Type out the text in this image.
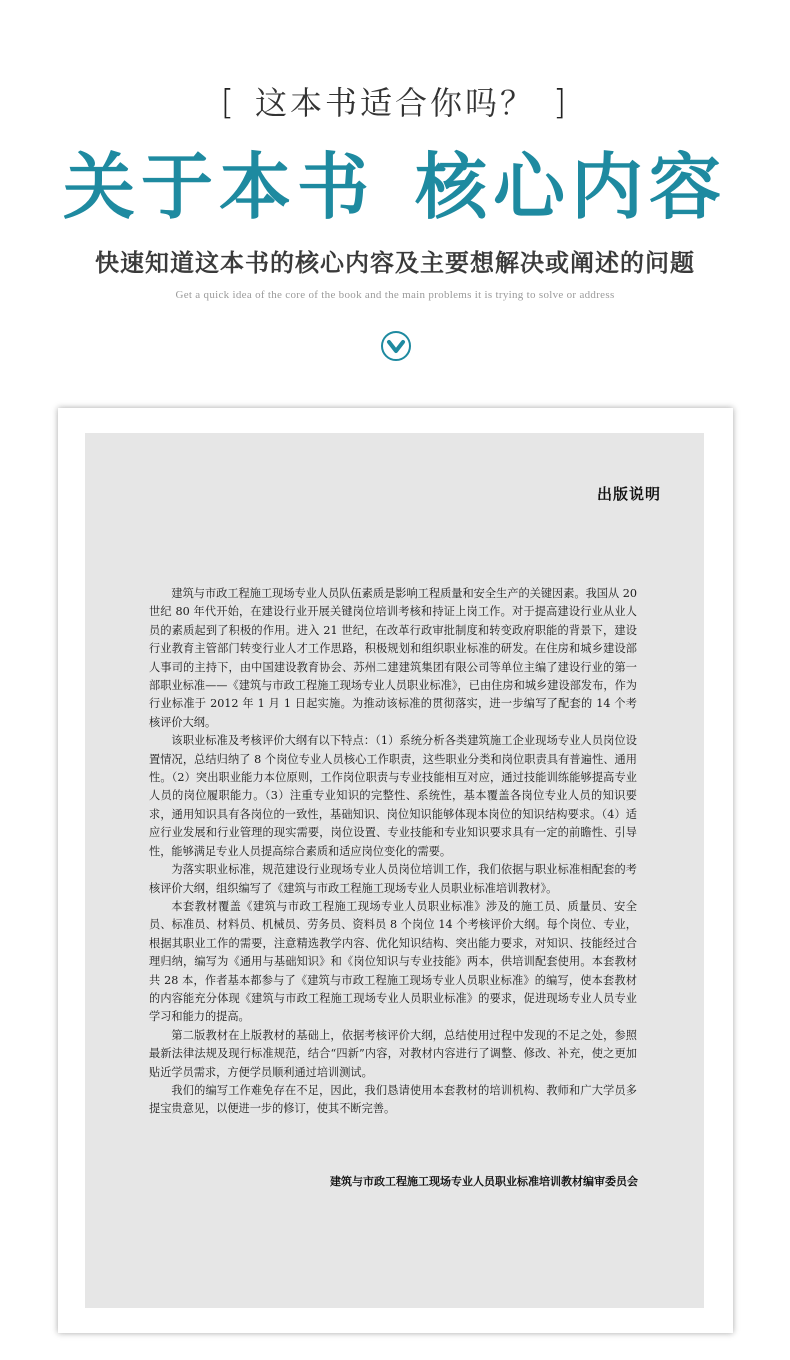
[ 这本书适合你吗？ ]
关于本书 核心内容
快速知道这本书的核心内容及主要想解决或阐述的问题
Get a quick idea of the core of the book and the main problems it is trying to solve or address
出版说明

建筑与市政工程施工现场专业人员队伍素质是影响工程质量和安全生产的关键因素。我国从 20 世纪 80 年代开始，在建设行业开展关键岗位培训考核和持证上岗工作。对于提高建设行业从业人员的素质起到了积极的作用。进入 21 世纪，在改革行政审批制度和转变政府职能的背景下，建设行业教育主管部门转变行业人才工作思路，积极规划和组织职业标准的研发。在住房和城乡建设部人事司的主持下，由中国建设教育协会、苏州二建建筑集团有限公司等单位主编了建设行业的第一部职业标准——《建筑与市政工程施工现场专业人员职业标准》，已由住房和城乡建设部发布，作为行业标准于 2012 年 1 月 1 日起实施。为推动该标准的贯彻落实，进一步编写了配套的 14 个考核评价大纲。

该职业标准及考核评价大纲有以下特点：（1）系统分析各类建筑施工企业现场专业人员岗位设置情况，总结归纳了 8 个岗位专业人员核心工作职责，这些职业分类和岗位职责具有普遍性、通用性。（2）突出职业能力本位原则，工作岗位职责与专业技能相互对应，通过技能训练能够提高专业人员的岗位履职能力。（3）注重专业知识的完整性、系统性，基本覆盖各岗位专业人员的知识要求，通用知识具有各岗位的一致性，基础知识、岗位知识能够体现本岗位的知识结构要求。（4）适应行业发展和行业管理的现实需要，岗位设置、专业技能和专业知识要求具有一定的前瞻性、引导性，能够满足专业人员提高综合素质和适应岗位变化的需要。

为落实职业标准，规范建设行业现场专业人员岗位培训工作，我们依据与职业标准相配套的考核评价大纲，组织编写了《建筑与市政工程施工现场专业人员职业标准培训教材》。

本套教材覆盖《建筑与市政工程施工现场专业人员职业标准》涉及的施工员、质量员、安全员、标准员、材料员、机械员、劳务员、资料员 8 个岗位 14 个考核评价大纲。每个岗位、专业，根据其职业工作的需要，注意精选教学内容、优化知识结构、突出能力要求，对知识、技能经过合理归纳，编写为《通用与基础知识》和《岗位知识与专业技能》两本，供培训配套使用。本套教材共 28 本，作者基本都参与了《建筑与市政工程施工现场专业人员职业标准》的编写，使本套教材的内容能充分体现《建筑与市政工程施工现场专业人员职业标准》的要求，促进现场专业人员专业学习和能力的提高。

第二版教材在上版教材的基础上，依据考核评价大纲，总结使用过程中发现的不足之处，参照最新法律法规及现行标准规范，结合“四新”内容，对教材内容进行了调整、修改、补充，使之更加贴近学员需求，方便学员顺利通过培训测试。

我们的编写工作难免存在不足，因此，我们恳请使用本套教材的培训机构、教师和广大学员多提宝贵意见，以便进一步的修订，使其不断完善。

建筑与市政工程施工现场专业人员职业标准培训教材编审委员会
